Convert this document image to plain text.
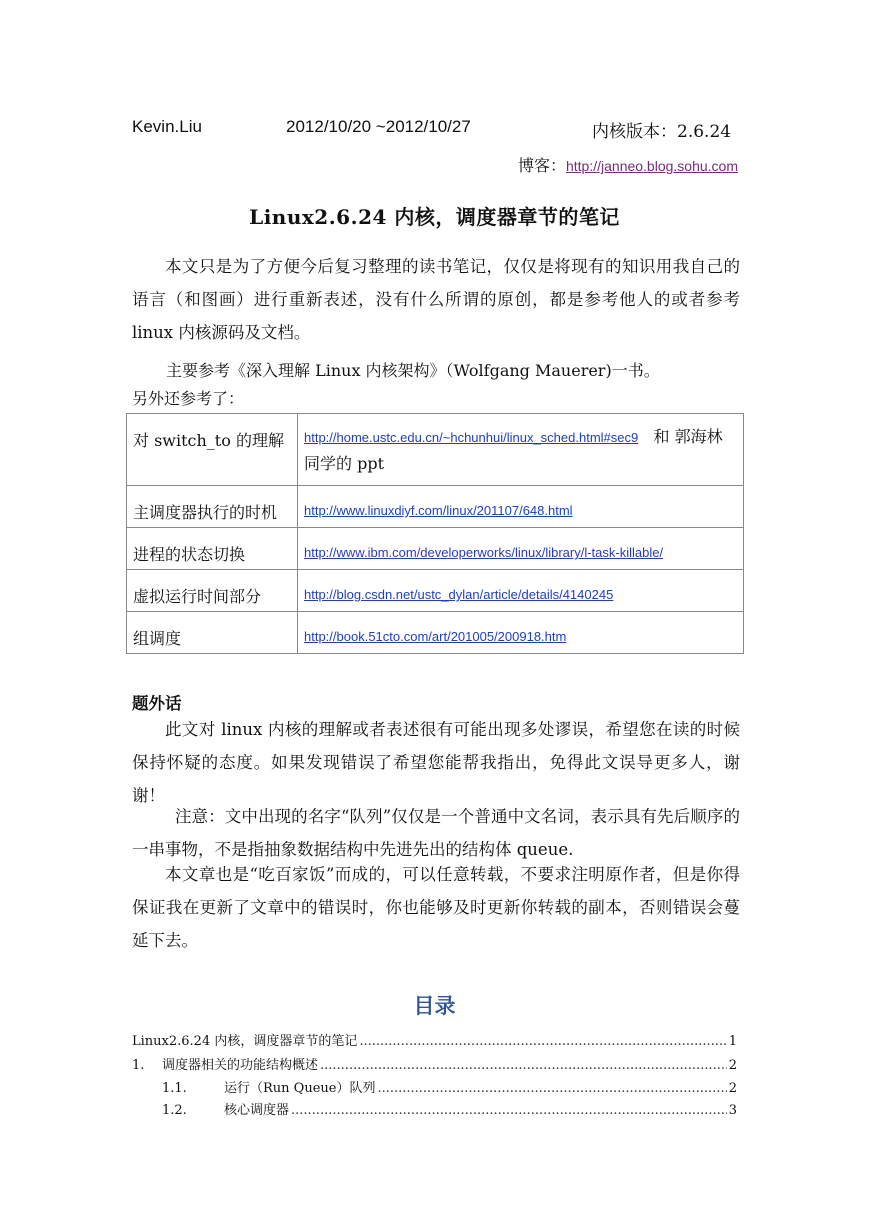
Kevin.Liu	2012/10/20 ~2012/10/27	内核版本：2.6.24
博客：http://janneo.blog.sohu.com
Linux2.6.24 内核，调度器章节的笔记
本文只是为了方便今后复习整理的读书笔记，仅仅是将现有的知识用我自己的语言（和图画）进行重新表述，没有什么所谓的原创，都是参考他人的或者参考 linux 内核源码及文档。
主要参考《深入理解 Linux 内核架构》（Wolfgang Mauerer)一书。
另外还参考了：
对 switch_to 的理解	http://home.ustc.edu.cn/~hchunhui/linux_sched.html#sec9 和 郭海林 同学的 ppt
主调度器执行的时机	http://www.linuxdiyf.com/linux/201107/648.html
进程的状态切换	http://www.ibm.com/developerworks/linux/library/l-task-killable/
虚拟运行时间部分	http://blog.csdn.net/ustc_dylan/article/details/4140245
组调度	http://book.51cto.com/art/201005/200918.htm
题外话
此文对 linux 内核的理解或者表述很有可能出现多处谬误，希望您在读的时候保持怀疑的态度。如果发现错误了希望您能帮我指出，免得此文误导更多人，谢谢！
注意：文中出现的名字“队列”仅仅是一个普通中文名词，表示具有先后顺序的一串事物，不是指抽象数据结构中先进先出的结构体 queue.
本文章也是“吃百家饭”而成的，可以任意转载，不要求注明原作者，但是你得保证我在更新了文章中的错误时，你也能够及时更新你转载的副本，否则错误会蔓延下去。
目录
Linux2.6.24 内核，调度器章节的笔记 .....	1
1.	调度器相关的功能结构概述 .....	2
1.1.	运行（Run Queue）队列 .....	2
1.2.	核心调度器 .....	3
